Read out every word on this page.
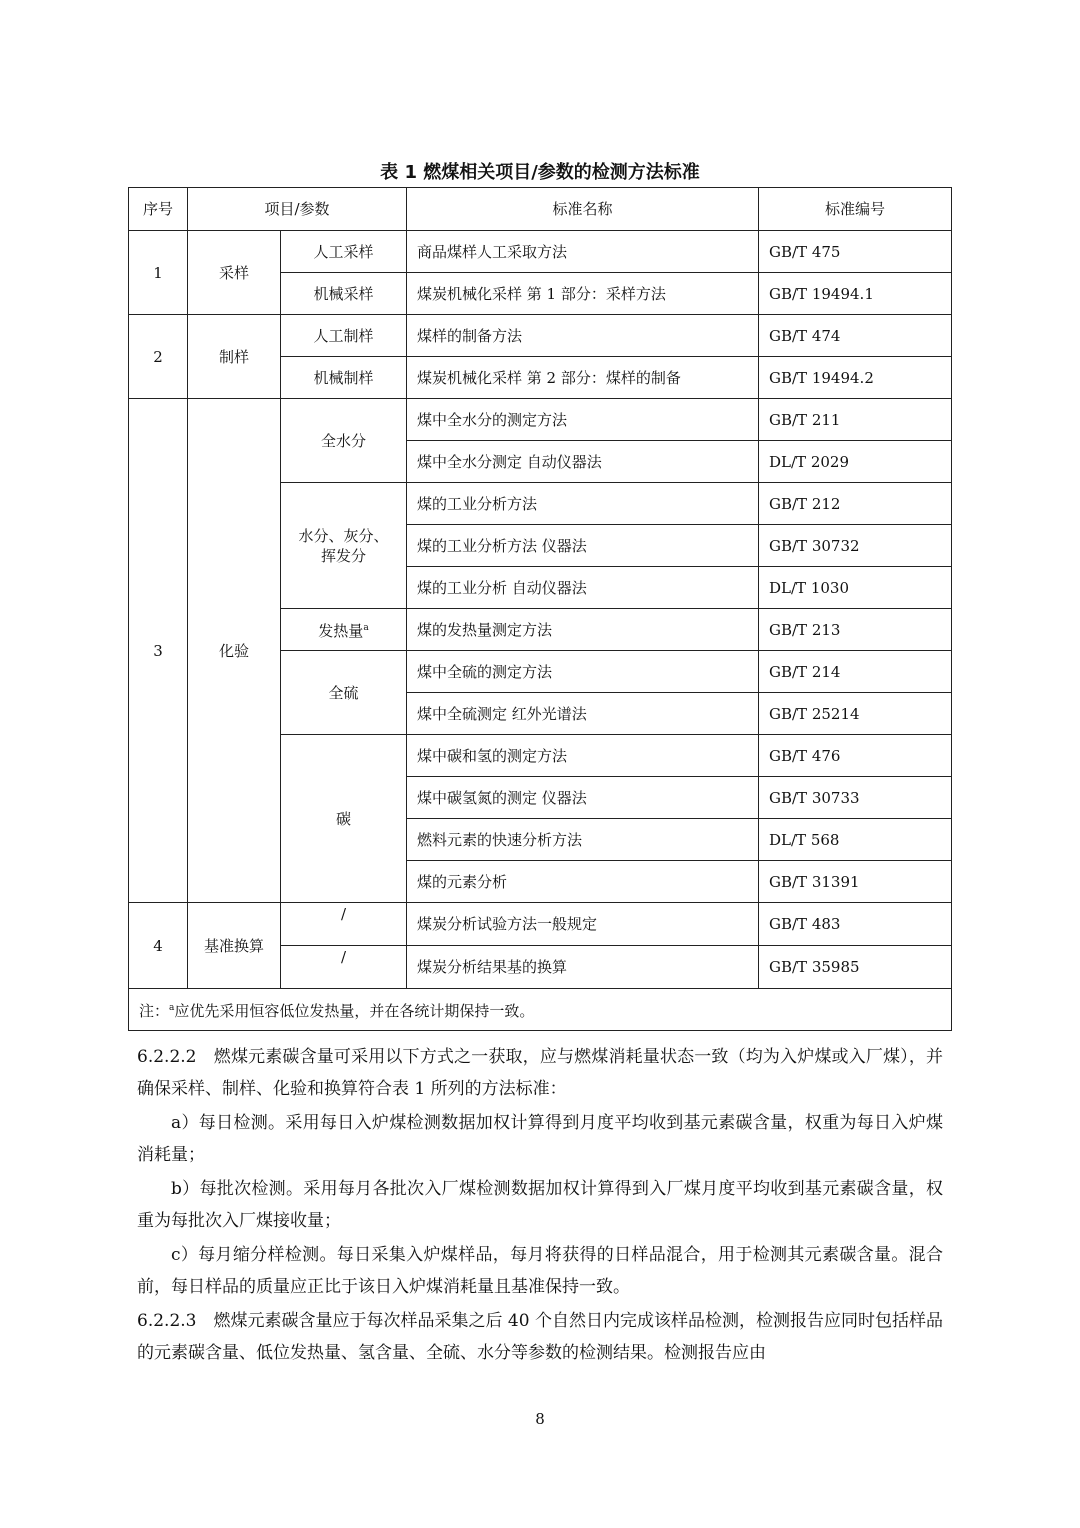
表 1 燃煤相关项目/参数的检测方法标准
序号	项目/参数		标准名称	标准编号
1	采样	人工采样	商品煤样人工采取方法	GB/T 475
		机械采样	煤炭机械化采样 第 1 部分：采样方法	GB/T 19494.1
2	制样	人工制样	煤样的制备方法	GB/T 474
		机械制样	煤炭机械化采样 第 2 部分：煤样的制备	GB/T 19494.2
3	化验	全水分	煤中全水分的测定方法	GB/T 211
			煤中全水分测定 自动仪器法	DL/T 2029
		水分、灰分、挥发分	煤的工业分析方法	GB/T 212
			煤的工业分析方法 仪器法	GB/T 30732
			煤的工业分析 自动仪器法	DL/T 1030
		发热量$^a$	煤的发热量测定方法	GB/T 213
		全硫	煤中全硫的测定方法	GB/T 214
			煤中全硫测定 红外光谱法	GB/T 25214
		碳	煤中碳和氢的测定方法	GB/T 476
			煤中碳氢氮的测定 仪器法	GB/T 30733
			燃料元素的快速分析方法	DL/T 568
			煤的元素分析	GB/T 31391
4	基准换算	/	煤炭分析试验方法一般规定	GB/T 483
		/	煤炭分析结果基的换算	GB/T 35985
注：$^a$应优先采用恒容低位发热量，并在各统计期保持一致。				

6.2.2.2　燃煤元素碳含量可采用以下方式之一获取，应与燃煤消耗量状态一致（均为入炉煤或入厂煤），并确保采样、制样、化验和换算符合表 1 所列的方法标准：

a）每日检测。采用每日入炉煤检测数据加权计算得到月度平均收到基元素碳含量，权重为每日入炉煤消耗量；

b）每批次检测。采用每月各批次入厂煤检测数据加权计算得到入厂煤月度平均收到基元素碳含量，权重为每批次入厂煤接收量；

c）每月缩分样检测。每日采集入炉煤样品，每月将获得的日样品混合，用于检测其元素碳含量。混合前，每日样品的质量应正比于该日入炉煤消耗量且基准保持一致。

6.2.2.3　燃煤元素碳含量应于每次样品采集之后 40 个自然日内完成该样品检测，检测报告应同时包括样品的元素碳含量、低位发热量、氢含量、全硫、水分等参数的检测结果。检测报告应由

8
